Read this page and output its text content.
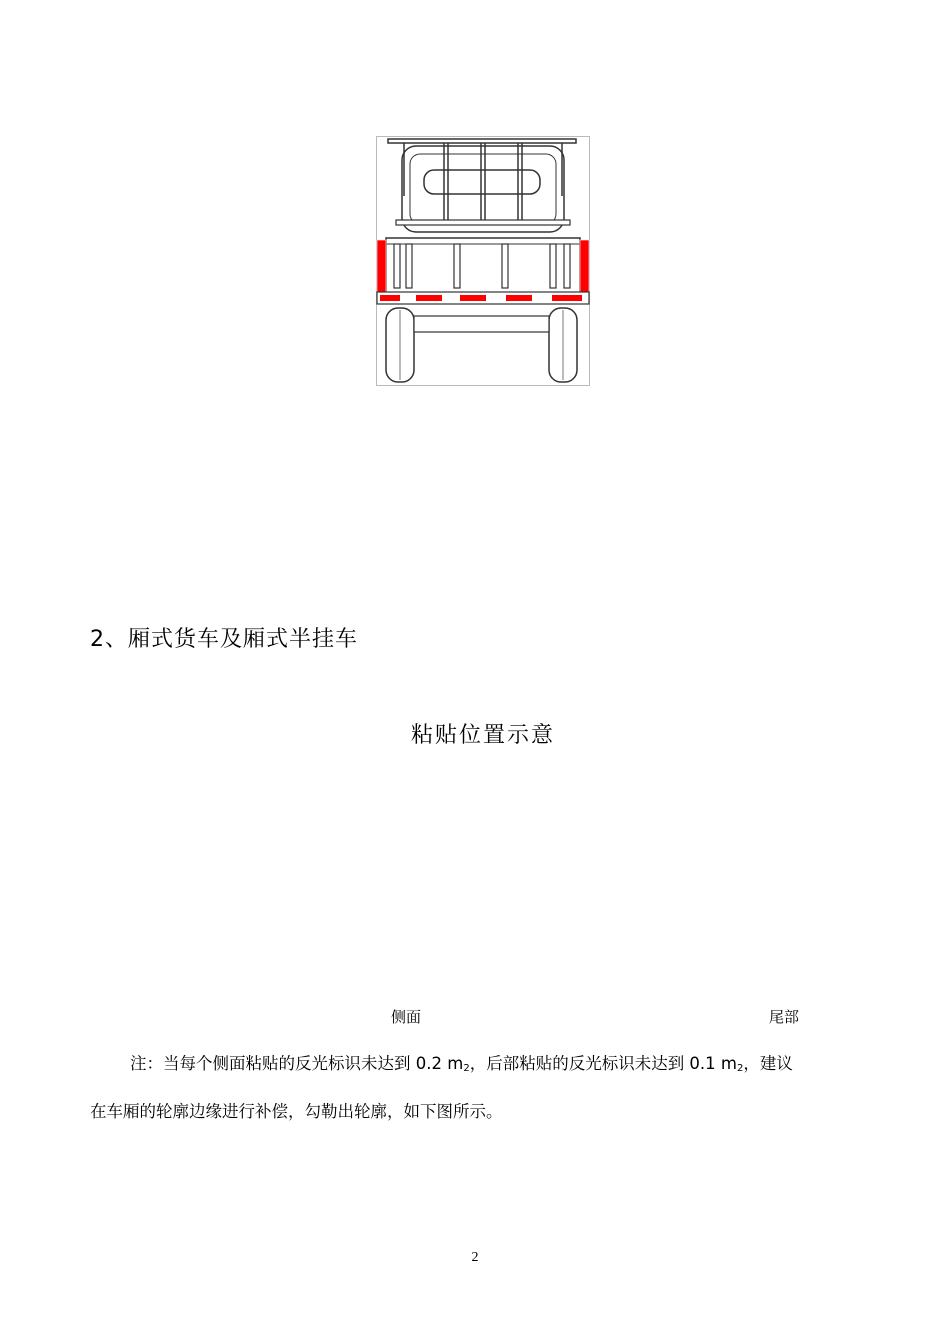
2、厢式货车及厢式半挂车
粘贴位置示意
侧面	尾部
注：当每个侧面粘贴的反光标识未达到 0.2 $m_2$，后部粘贴的反光标识未达到 0.1 $m_2$，建议
在车厢的轮廓边缘进行补偿，勾勒出轮廓，如下图所示。
2
